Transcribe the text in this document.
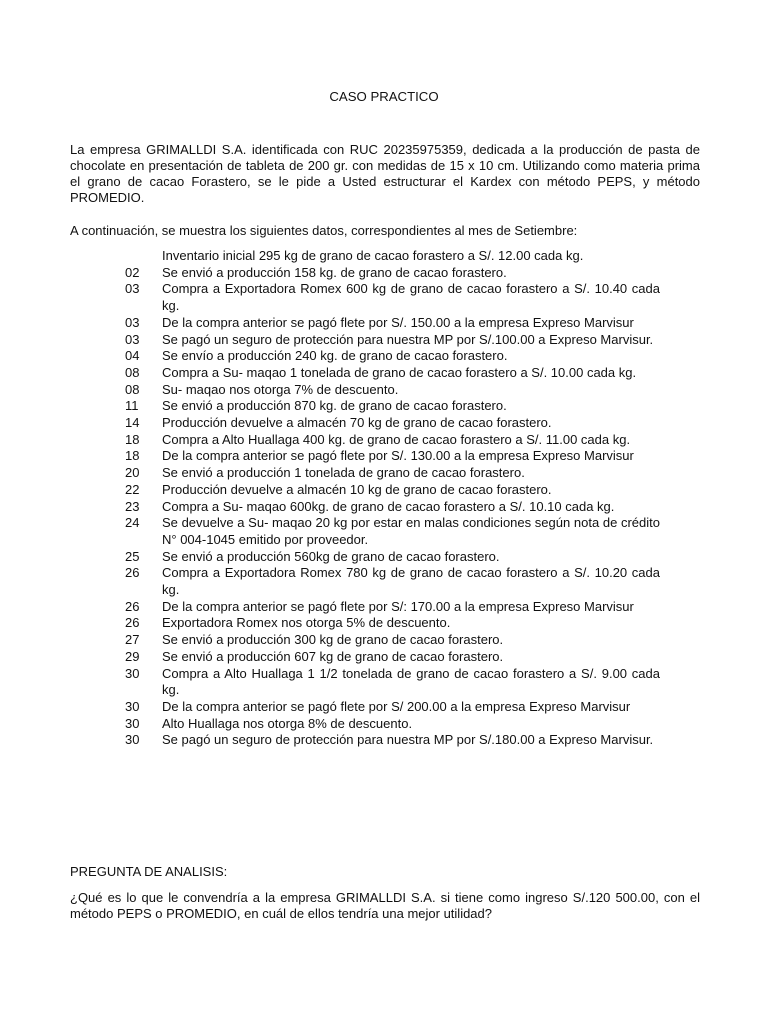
CASO PRACTICO

La empresa GRIMALLDI S.A. identificada con RUC 20235975359, dedicada a la producción de pasta de chocolate en presentación de tableta de 200 gr. con medidas de 15 x 10 cm. Utilizando como materia prima el grano de cacao Forastero, se le pide a Usted estructurar el Kardex con método PEPS, y método PROMEDIO.

A continuación, se muestra los siguientes datos, correspondientes al mes de Setiembre:

Inventario inicial 295 kg de grano de cacao forastero a S/. 12.00 cada kg.
02	Se envió a producción 158 kg. de grano de cacao forastero.
03	Compra a Exportadora Romex 600 kg de grano de cacao forastero a S/. 10.40 cada kg.
03	De la compra anterior se pagó flete por S/. 150.00 a la empresa Expreso Marvisur
03	Se pagó un seguro de protección para nuestra MP por S/.100.00 a Expreso Marvisur.
04	Se envío a producción 240 kg. de grano de cacao forastero.
08	Compra a Su- maqao 1 tonelada de grano de cacao forastero a S/. 10.00 cada kg.
08	Su- maqao nos otorga 7% de descuento.
11	Se envió a producción 870 kg. de grano de cacao forastero.
14	Producción devuelve a almacén 70 kg de grano de cacao forastero.
18	Compra a Alto Huallaga 400 kg. de grano de cacao forastero a S/. 11.00 cada kg.
18	De la compra anterior se pagó flete por S/. 130.00 a la empresa Expreso Marvisur
20	Se envió a producción 1 tonelada de grano de cacao forastero.
22	Producción devuelve a almacén 10 kg de grano de cacao forastero.
23	Compra a Su- maqao 600kg. de grano de cacao forastero a S/. 10.10 cada kg.
24	Se devuelve a Su- maqao 20 kg por estar en malas condiciones según nota de crédito N° 004-1045 emitido por proveedor.
25	Se envió a producción 560kg de grano de cacao forastero.
26	Compra a Exportadora Romex 780 kg de grano de cacao forastero a S/. 10.20 cada kg.
26	De la compra anterior se pagó flete por S/: 170.00 a la empresa Expreso Marvisur
26	Exportadora Romex nos otorga 5% de descuento.
27	Se envió a producción 300 kg de grano de cacao forastero.
29	Se envió a producción 607 kg de grano de cacao forastero.
30	Compra a Alto Huallaga 1 1/2 tonelada de grano de cacao forastero a S/. 9.00 cada kg.
30	De la compra anterior se pagó flete por S/ 200.00 a la empresa Expreso Marvisur
30	Alto Huallaga nos otorga 8% de descuento.
30	Se pagó un seguro de protección para nuestra MP por S/.180.00 a Expreso Marvisur.

PREGUNTA DE ANALISIS:

¿Qué es lo que le convendría a la empresa GRIMALLDI S.A. si tiene como ingreso S/.120 500.00, con el método PEPS o PROMEDIO, en cuál de ellos tendría una mejor utilidad?
